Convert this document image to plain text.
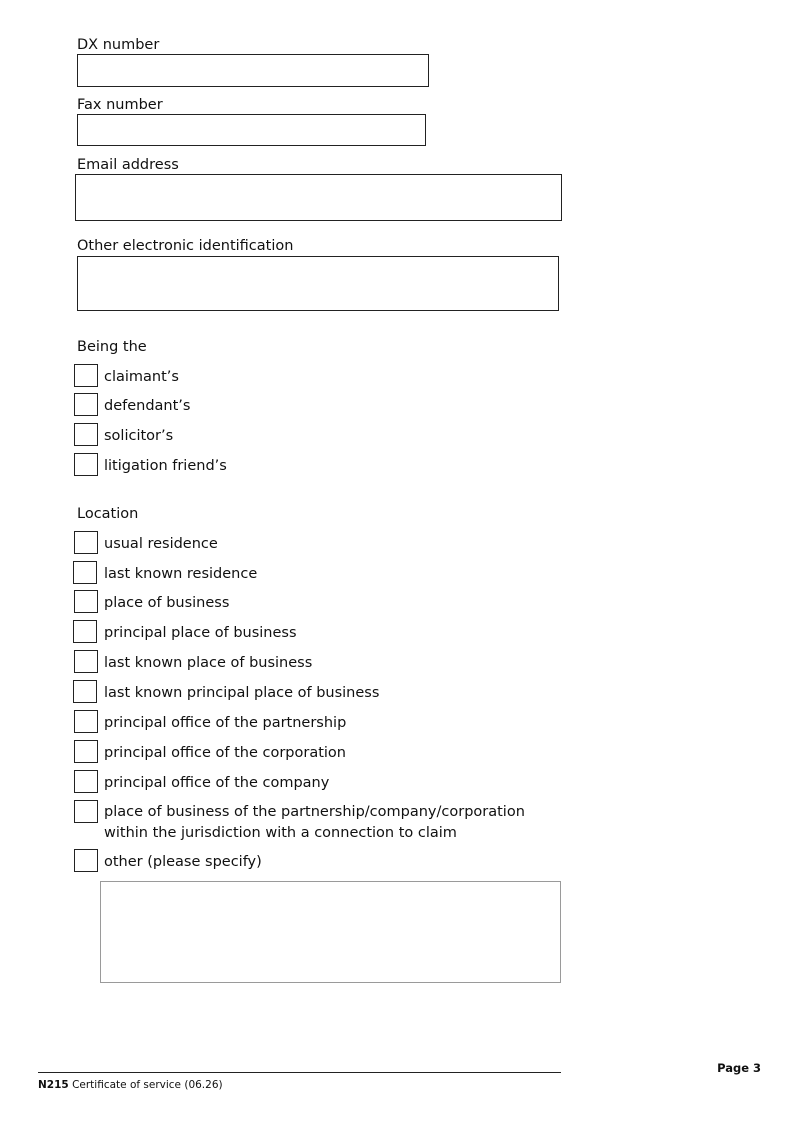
DX number
Fax number
Email address
Other electronic identification
Being the
claimant’s
defendant’s
solicitor’s
litigation friend’s
Location
usual residence
last known residence
place of business
principal place of business
last known place of business
last known principal place of business
principal office of the partnership
principal office of the corporation
principal office of the company
place of business of the partnership/company/corporation
within the jurisdiction with a connection to claim
other (please specify)
Page 3
N215 Certificate of service (06.26)
